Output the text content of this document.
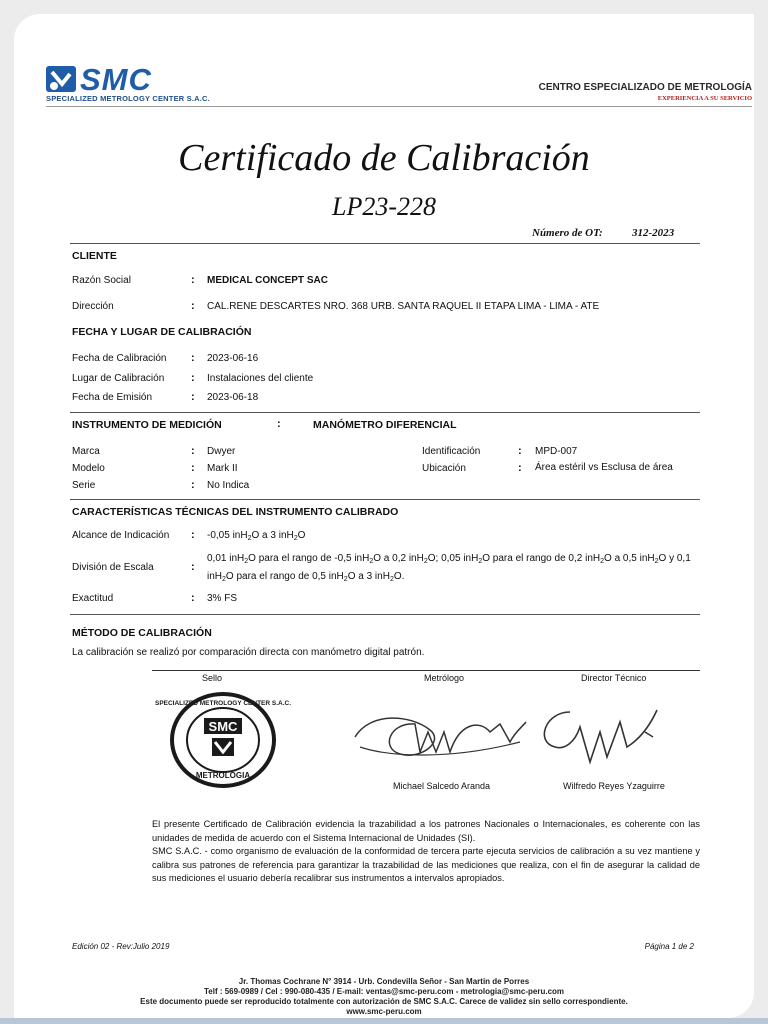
SMC
SPECIALIZED METROLOGY CENTER S.A.C.
CENTRO ESPECIALIZADO DE METROLOGÍA
EXPERIENCIA A SU SERVICIO
Certificado de Calibración
LP23-228
Número de OT:	312-2023
CLIENTE
Razón Social	: MEDICAL CONCEPT SAC
Dirección	: CAL.RENE DESCARTES NRO. 368 URB. SANTA RAQUEL II ETAPA LIMA - LIMA - ATE
FECHA Y LUGAR DE CALIBRACIÓN
Fecha de Calibración : 2023-06-16
Lugar de Calibración : Instalaciones del cliente
Fecha de Emisión	: 2023-06-18
INSTRUMENTO DE MEDICIÓN	:	MANÓMETRO DIFERENCIAL
Marca	: Dwyer
Modelo	: Mark II
Serie	: No Indica
Identificación	: MPD-007
Ubicación	: Área estéril vs Esclusa de área
CARACTERÍSTICAS TÉCNICAS DEL INSTRUMENTO CALIBRADO
Alcance de Indicación : -0,05 inH$_2$O a 3 inH$_2$O
División de Escala	:
0,01 inH$_2$O para el rango de -0,5 inH$_2$O a 0,2 inH$_2$O; 0,05 inH$_2$O para el rango de 0,2 inH$_2$O a 0,5 inH$_2$O y 0,1 inH$_2$O para el rango de 0,5 inH$_2$O a 3 inH$_2$O.
Exactitud	: 3% FS
MÉTODO DE CALIBRACIÓN
La calibración se realizó por comparación directa con manómetro digital patrón.
Sello	Metrólogo	Director Técnico
SMC
METROLOGIA
SPECIALIZED METROLOGY CENTER S.A.C.
Michael Salcedo Aranda	Wilfredo Reyes Yzaguirre
El presente Certificado de Calibración evidencia la trazabilidad a los patrones Nacionales o Internacionales, es coherente con las unidades de medida de acuerdo con el Sistema Internacional de Unidades (SI).
SMC S.A.C. - como organismo de evaluación de la conformidad de tercera parte ejecuta servicios de calibración a su vez mantiene y calibra sus patrones de referencia para garantizar la trazabilidad de las mediciones que realiza, con el fin de asegurar la calidad de sus mediciones el usuario debería recalibrar sus instrumentos a intervalos apropiados.
Edición 02 - Rev:Julio 2019	Página 1 de 2
Jr. Thomas Cochrane N° 3914 - Urb. Condevilla Señor - San Martin de Porres
Telf : 569-0989 / Cel : 990-080-435 / E-mail: ventas@smc-peru.com - metrologia@smc-peru.com
Este documento puede ser reproducido totalmente con autorización de SMC S.A.C. Carece de validez sin sello correspondiente.
www.smc-peru.com
